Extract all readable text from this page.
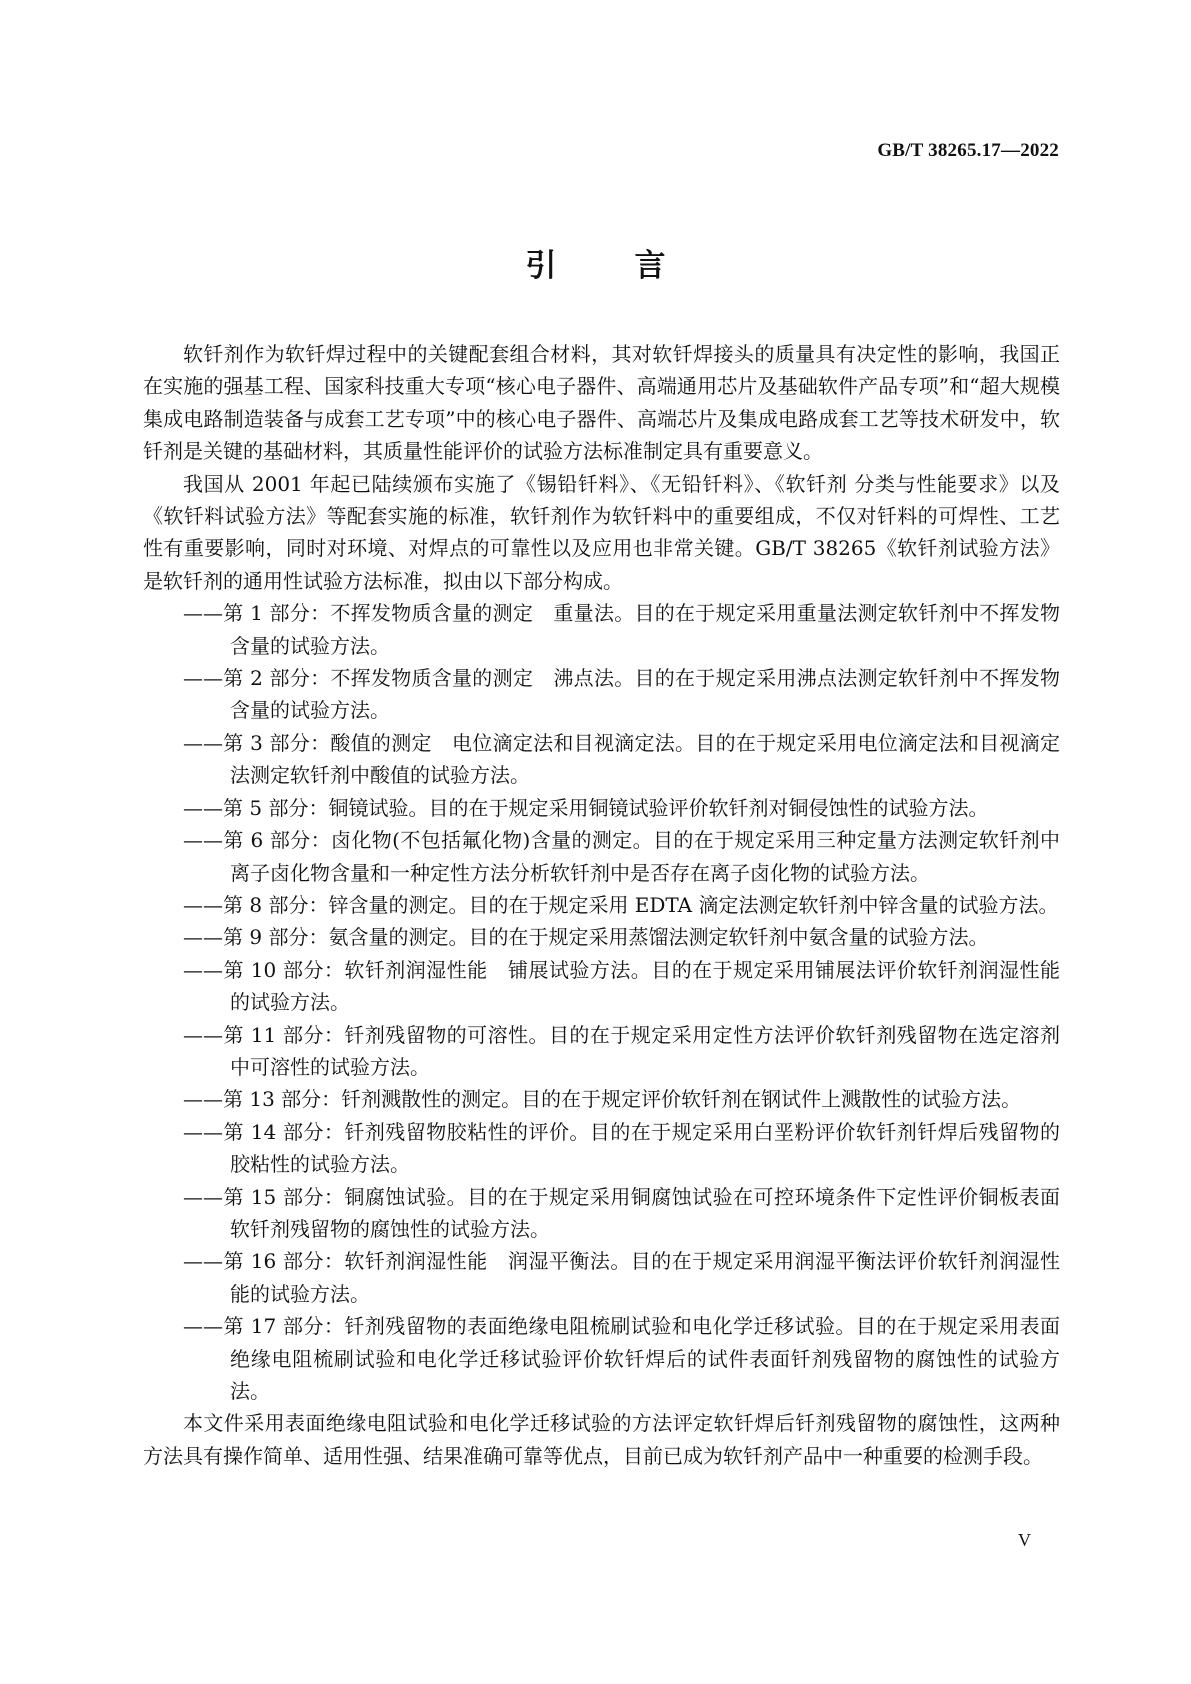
GB/T 38265.17—2022
引言

软钎剂作为软钎焊过程中的关键配套组合材料，其对软钎焊接头的质量具有决定性的影响，我国正在实施的强基工程、国家科技重大专项“核心电子器件、高端通用芯片及基础软件产品专项”和“超大规模集成电路制造装备与成套工艺专项”中的核心电子器件、高端芯片及集成电路成套工艺等技术研发中，软钎剂是关键的基础材料，其质量性能评价的试验方法标准制定具有重要意义。

我国从 2001 年起已陆续颁布实施了《锡铅钎料》、《无铅钎料》、《软钎剂 分类与性能要求》以及《软钎料试验方法》等配套实施的标准，软钎剂作为软钎料中的重要组成，不仅对钎料的可焊性、工艺性有重要影响，同时对环境、对焊点的可靠性以及应用也非常关键。GB/T 38265《软钎剂试验方法》是软钎剂的通用性试验方法标准，拟由以下部分构成。

——第 1 部分：不挥发物质含量的测定　重量法。目的在于规定采用重量法测定软钎剂中不挥发物含量的试验方法。
——第 2 部分：不挥发物质含量的测定　沸点法。目的在于规定采用沸点法测定软钎剂中不挥发物含量的试验方法。
——第 3 部分：酸值的测定　电位滴定法和目视滴定法。目的在于规定采用电位滴定法和目视滴定法测定软钎剂中酸值的试验方法。
——第 5 部分：铜镜试验。目的在于规定采用铜镜试验评价软钎剂对铜侵蚀性的试验方法。
——第 6 部分：卤化物(不包括氟化物)含量的测定。目的在于规定采用三种定量方法测定软钎剂中离子卤化物含量和一种定性方法分析软钎剂中是否存在离子卤化物的试验方法。
——第 8 部分：锌含量的测定。目的在于规定采用 EDTA 滴定法测定软钎剂中锌含量的试验方法。
——第 9 部分：氨含量的测定。目的在于规定采用蒸馏法测定软钎剂中氨含量的试验方法。
——第 10 部分：软钎剂润湿性能　铺展试验方法。目的在于规定采用铺展法评价软钎剂润湿性能的试验方法。
——第 11 部分：钎剂残留物的可溶性。目的在于规定采用定性方法评价软钎剂残留物在选定溶剂中可溶性的试验方法。
——第 13 部分：钎剂溅散性的测定。目的在于规定评价软钎剂在钢试件上溅散性的试验方法。
——第 14 部分：钎剂残留物胶粘性的评价。目的在于规定采用白垩粉评价软钎剂钎焊后残留物的胶粘性的试验方法。
——第 15 部分：铜腐蚀试验。目的在于规定采用铜腐蚀试验在可控环境条件下定性评价铜板表面软钎剂残留物的腐蚀性的试验方法。
——第 16 部分：软钎剂润湿性能　润湿平衡法。目的在于规定采用润湿平衡法评价软钎剂润湿性能的试验方法。
——第 17 部分：钎剂残留物的表面绝缘电阻梳刷试验和电化学迁移试验。目的在于规定采用表面绝缘电阻梳刷试验和电化学迁移试验评价软钎焊后的试件表面钎剂残留物的腐蚀性的试验方法。

本文件采用表面绝缘电阻试验和电化学迁移试验的方法评定软钎焊后钎剂残留物的腐蚀性，这两种方法具有操作简单、适用性强、结果准确可靠等优点，目前已成为软钎剂产品中一种重要的检测手段。

V
